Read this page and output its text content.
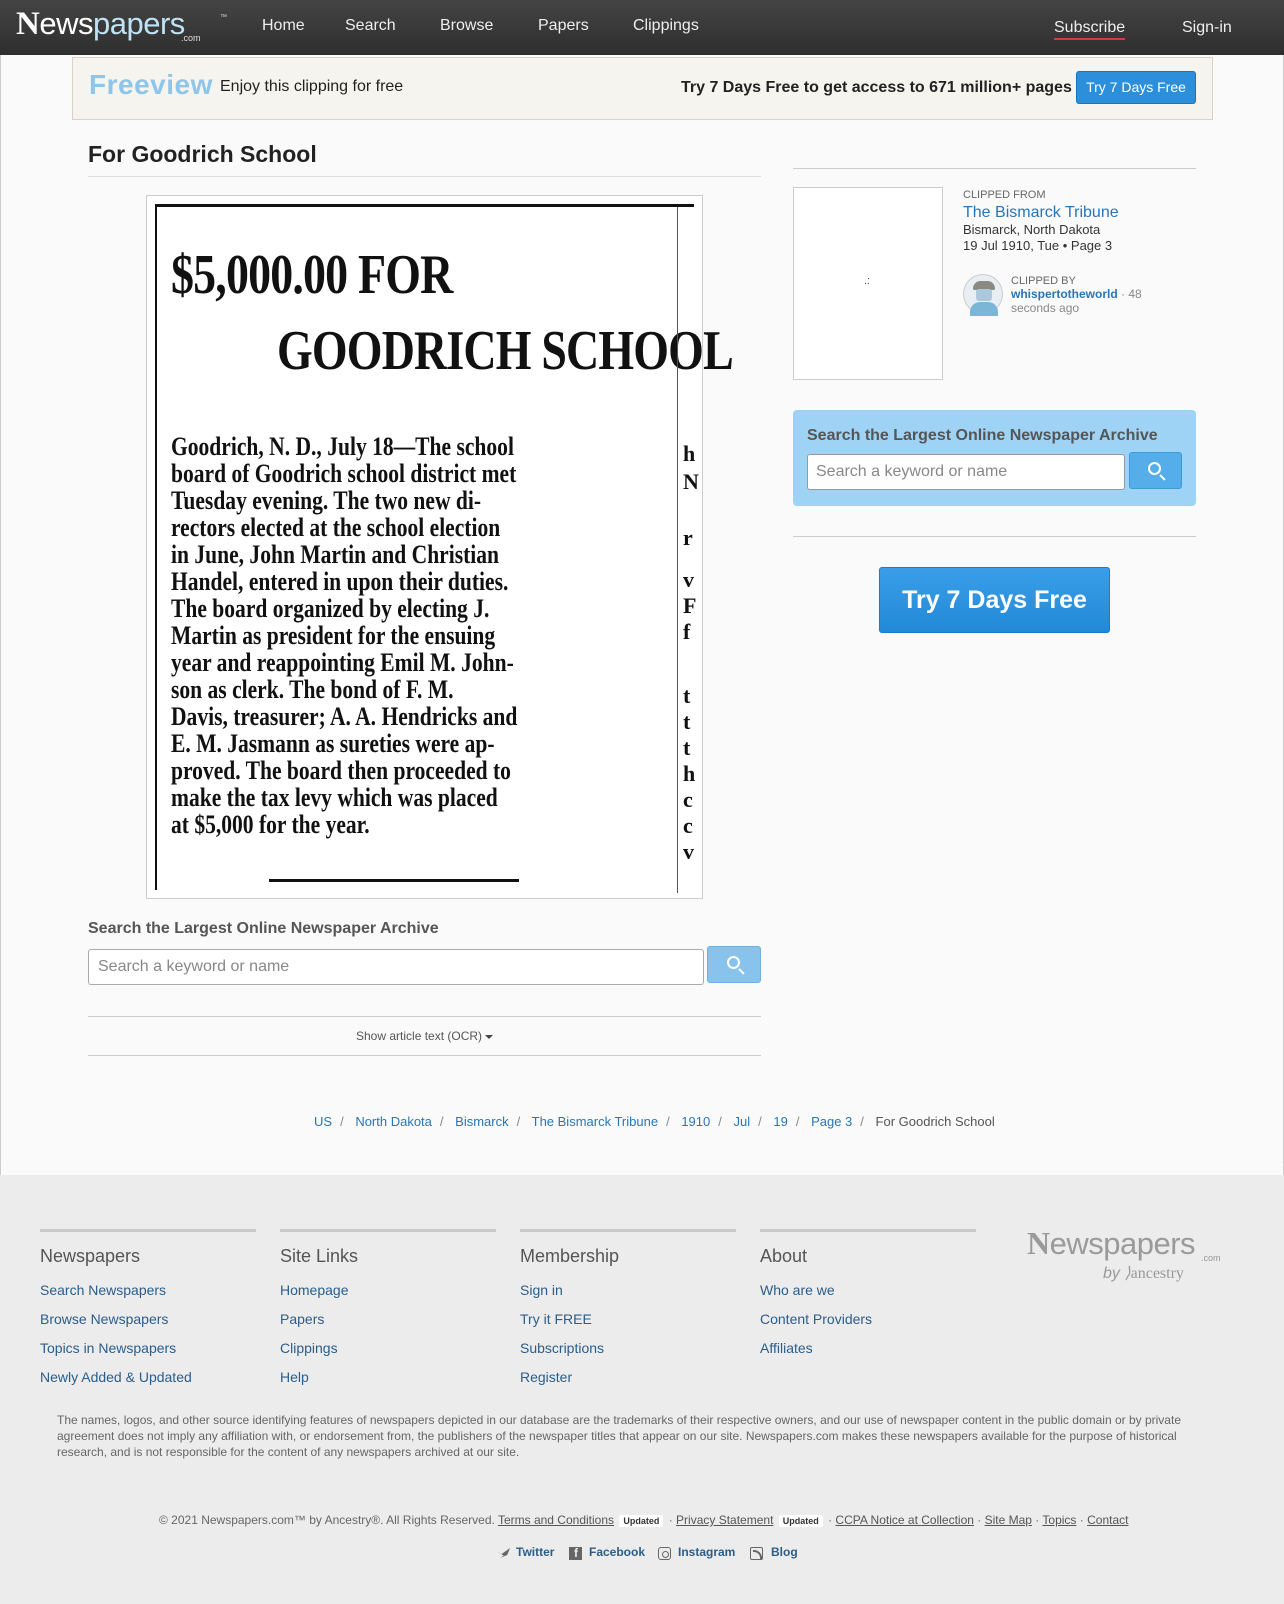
Newspapers
.com
™ Home	Search	Browse	Papers	Clippings	Subscribe	Sign-in
Freeview Enjoy this clipping for free	Try 7 Days Free to get access to 671 million+ pages	Try 7 Days Free
For Goodrich School
$5,000.00 FOR
GOODRICH SCHOOL
Goodrich, N. D., July 18—The school
board of Goodrich school district met
Tuesday evening. The two new di-
rectors elected at the school election
in June, John Martin and Christian
Handel, entered in upon their duties.
The board organized by electing J.
Martin as president for the ensuing
year and reappointing Emil M. John-
son as clerk. The bond of F. M.
Davis, treasurer; A. A. Hendricks and
E. M. Jasmann as sureties were ap-
proved. The board then proceeded to
make the tax levy which was placed
at $5,000 for the year.
h
N
r
v
F
f
t
t
t
h
c
c
v
Search the Largest Online Newspaper Archive
Search a keyword or name
Show article text (OCR)
.:
CLIPPED FROM
The Bismarck Tribune
Bismarck, North Dakota
19 Jul 1910, Tue • Page 3
CLIPPED BY
whispertotheworld · 48 seconds ago
Search the Largest Online Newspaper Archive
Search a keyword or name
Try 7 Days Free
US / North Dakota / Bismarck / The Bismarck Tribune / 1910 / Jul / 19 / Page 3 / For Goodrich School
Newspapers
Search Newspapers
Browse Newspapers
Topics in Newspapers
Newly Added & Updated
Site Links
Homepage
Papers
Clippings
Help
Membership
Sign in
Try it FREE
Subscriptions
Register
About
Who are we
Content Providers
Affiliates
Newspapers .com
by ⟩ancestry

The names, logos, and other source identifying features of newspapers depicted in our database are the trademarks of their respective owners, and our use of newspaper content in the public domain or by private agreement does not imply any affiliation with, or endorsement from, the publishers of the newspaper titles that appear on our site. Newspapers.com makes these newspapers available for the purpose of historical research, and is not responsible for the content of any newspapers archived at our site.

© 2021 Newspapers.com™ by Ancestry®. All Rights Reserved. Terms and Conditions Updated · Privacy Statement Updated · CCPA Notice at Collection · Site Map · Topics · Contact
Twitter
f	Facebook	Instagram	Blog
